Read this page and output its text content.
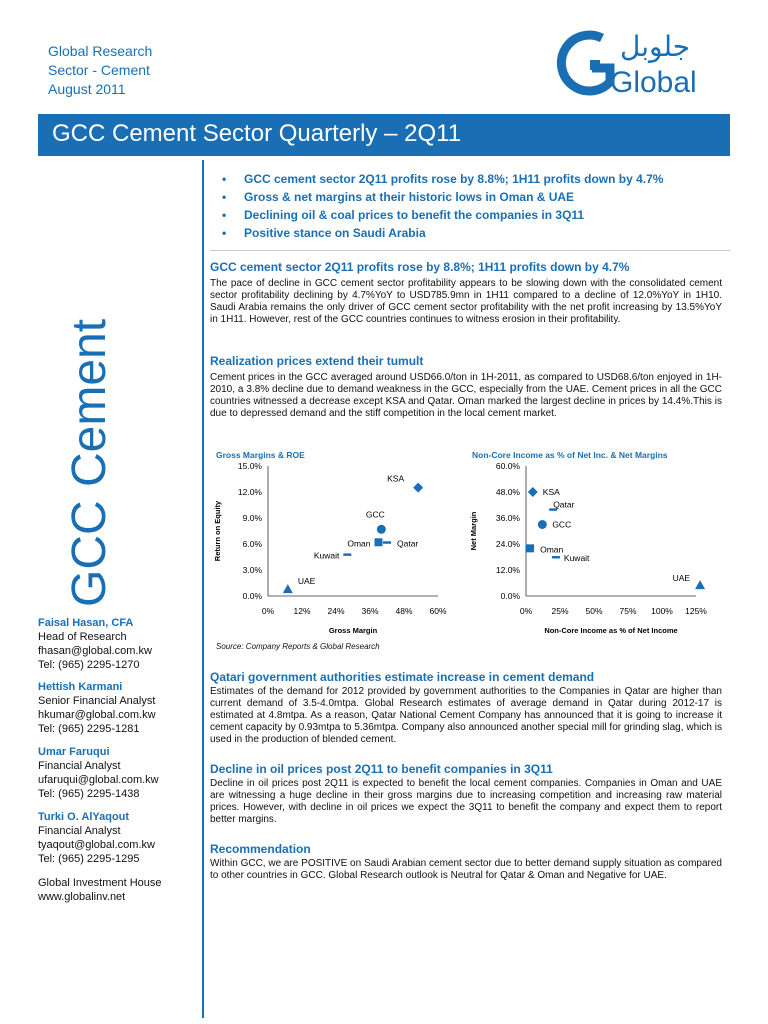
Global Research
Sector - Cement
August 2011
جلوبل
Global
GCC Cement Sector Quarterly – 2Q11
GCC Cement
Faisal Hasan, CFA
Head of Research
fhasan@global.com.kw
Tel: (965) 2295-1270
Hettish Karmani
Senior Financial Analyst
hkumar@global.com.kw
Tel: (965) 2295-1281
Umar Faruqui
Financial Analyst
ufaruqui@global.com.kw
Tel: (965) 2295-1438
Turki O. AlYaqout
Financial Analyst
tyaqout@global.com.kw
Tel: (965) 2295-1295
Global Investment House
www.globalinv.net
• GCC cement sector 2Q11 profits rose by 8.8%; 1H11 profits down by 4.7%
• Gross & net margins at their historic lows in Oman & UAE
• Declining oil & coal prices to benefit the companies in 3Q11
• Positive stance on Saudi Arabia
GCC cement sector 2Q11 profits rose by 8.8%; 1H11 profits down by 4.7%
The pace of decline in GCC cement sector profitability appears to be slowing down with the consolidated cement sector profitability declining by 4.7%YoY to USD785.9mn in 1H11 compared to a decline of 12.0%YoY in 1H10. Saudi Arabia remains the only driver of GCC cement sector profitability with the net profit increasing by 13.5%YoY in 1H11. However, rest of the GCC countries continues to witness erosion in their profitability.
Realization prices extend their tumult
Cement prices in the GCC averaged around USD66.0/ton in 1H-2011, as compared to USD68.6/ton enjoyed in 1H-2010, a 3.8% decline due to demand weakness in the GCC, especially from the UAE. Cement prices in all the GCC countries witnessed a decrease except KSA and Qatar. Oman marked the largest decline in prices by 14.4%.This is due to depressed demand and the stiff competition in the local cement market.
Gross Margins & ROE
0.0%
3.0%
6.0%
9.0%
12.0%
15.0%
0% 12% 24% 36% 48% 60%
Gross Margin
Return on Equity
Non-Core Income as % of Net Inc. & Net Margins
0.0%
12.0%
24.0%
36.0%
48.0%
60.0%
0% 25% 50% 75% 100% 125%
Non-Core Income as % of Net Income
Net Margin
KSA
GCC
Oman	Qatar
Kuwait
UAE
KSA
Qatar
GCC
Oman
Kuwait
UAE
Source: Company Reports & Global Research
Qatari government authorities estimate increase in cement demand
Estimates of the demand for 2012 provided by government authorities to the Companies in Qatar are higher than current demand of 3.5-4.0mtpa. Global Research estimates of average demand in Qatar during 2012-17 is estimated at 4.8mtpa. As a reason, Qatar National Cement Company has announced that it is going to increase it cement capacity by 0.93mtpa to 5.36mtpa. Company also announced another special mill for grinding slag, which is used in the production of blended cement.
Decline in oil prices post 2Q11 to benefit companies in 3Q11
Decline in oil prices post 2Q11 is expected to benefit the local cement companies. Companies in Oman and UAE are witnessing a huge decline in their gross margins due to increasing competition and increasing raw material prices. However, with decline in oil prices we expect the 3Q11 to benefit the company and expect them to report better margins.
Recommendation
Within GCC, we are POSITIVE on Saudi Arabian cement sector due to better demand supply situation as compared to other countries in GCC. Global Research outlook is Neutral for Qatar & Oman and Negative for UAE.
